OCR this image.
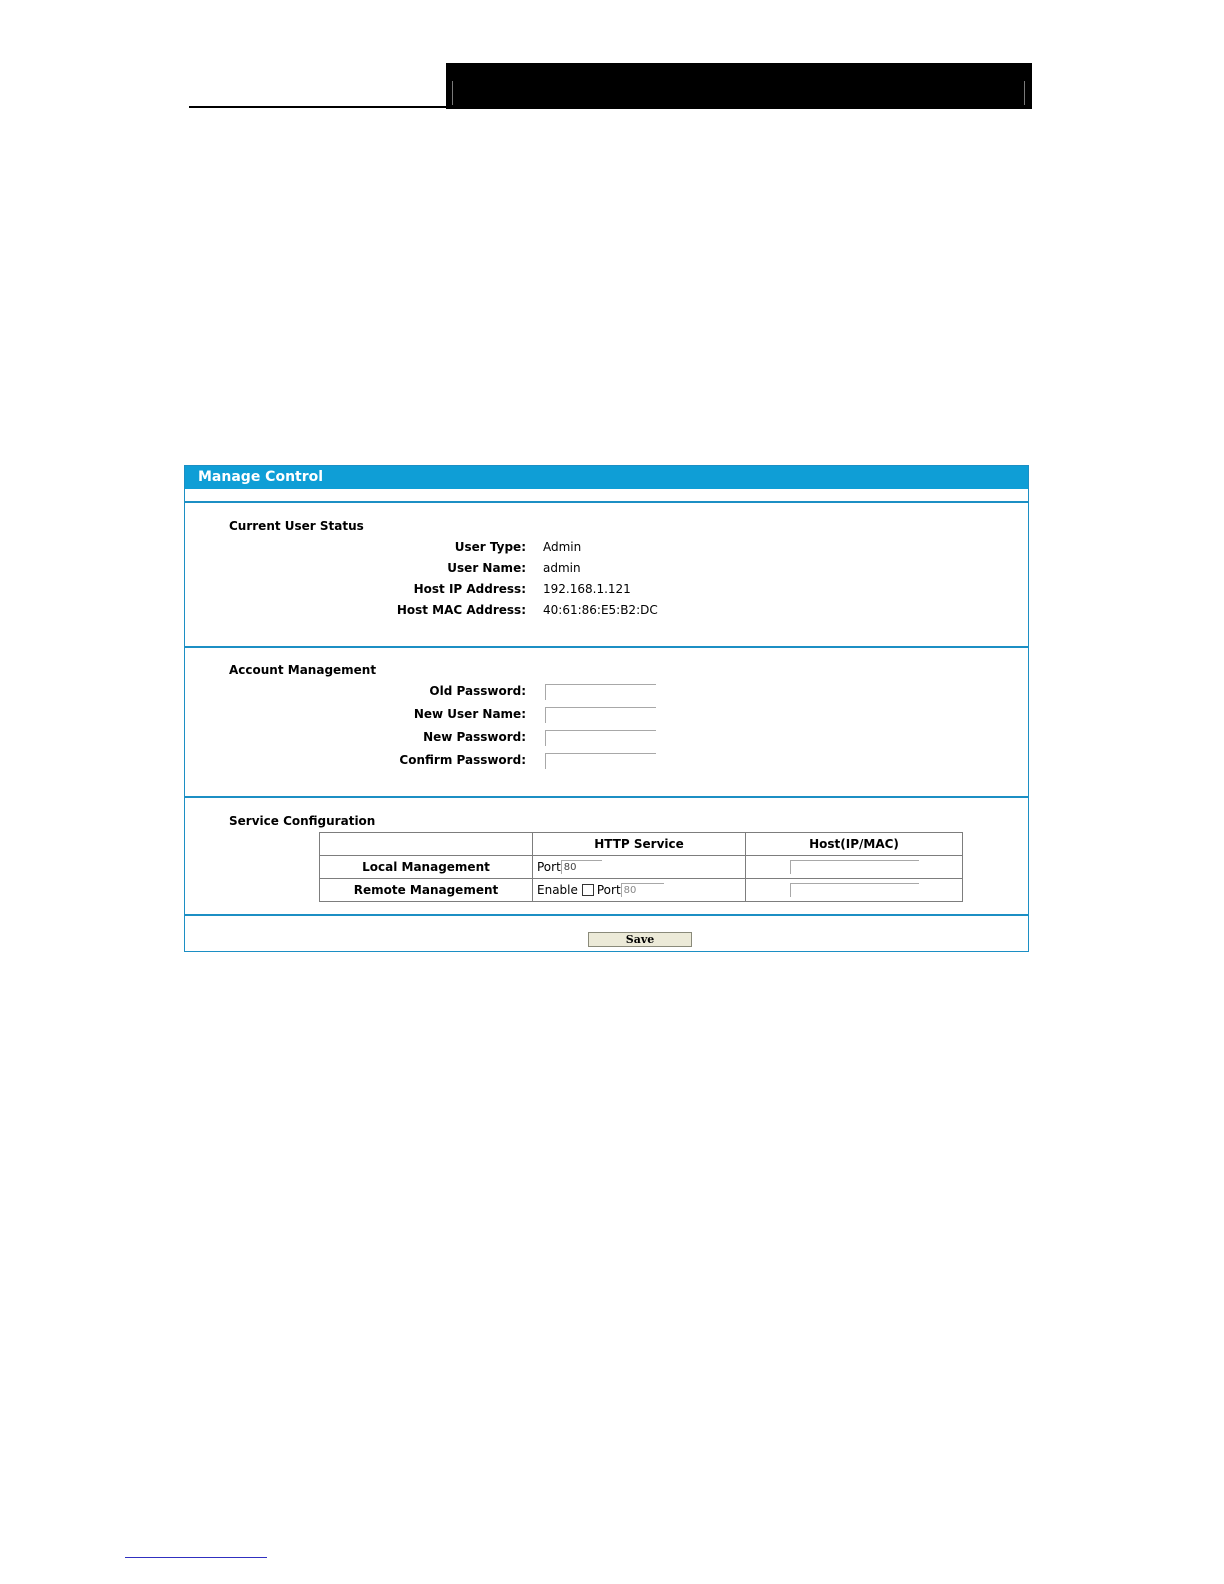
Manage Control
Current User Status
User Type: Admin
User Name: admin
Host IP Address: 192.168.1.121
Host MAC Address: 40:61:86:E5:B2:DC
Account Management
Old Password:
New User Name:
New Password:
Confirm Password:
Service Configuration
	HTTP Service	Host(IP/MAC)
Local Management	Port80	
Remote Management	Enable Port80	
Save
